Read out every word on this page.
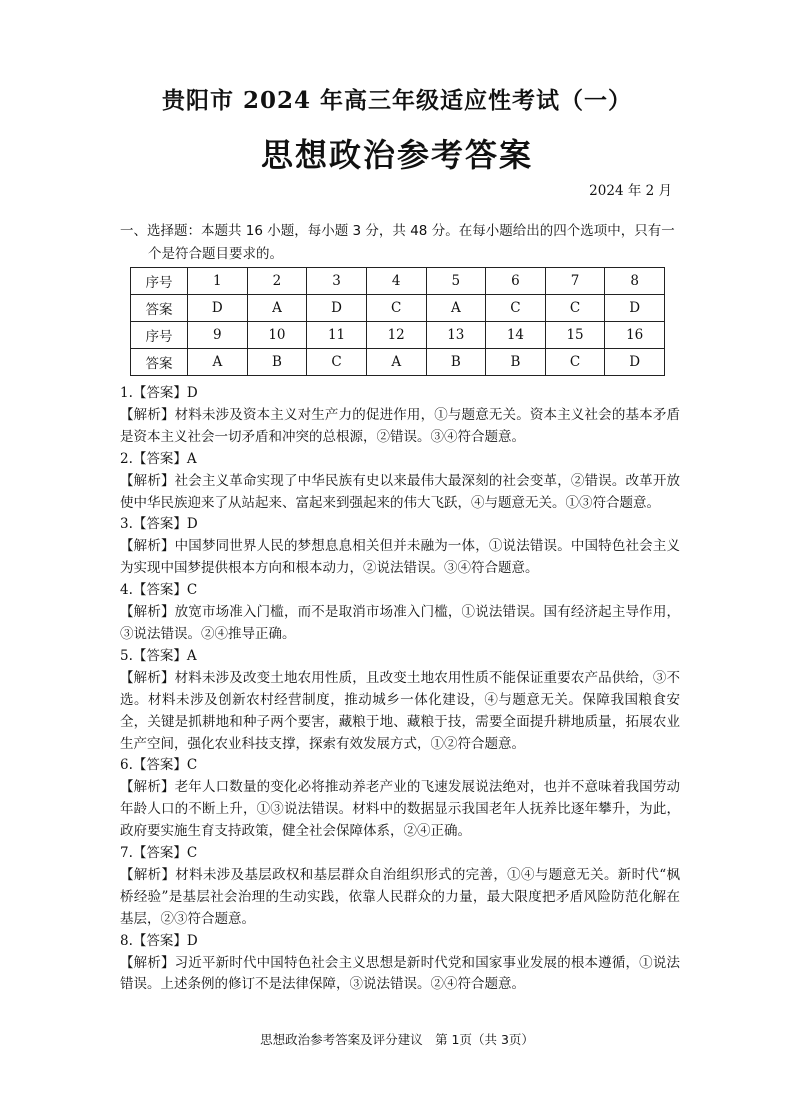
贵阳市 2024 年高三年级适应性考试（一）
思想政治参考答案
2024 年 2 月
一、选择题：本题共 16 小题，每小题 3 分，共 48 分。在每小题给出的四个选项中，只有一
个是符合题目要求的。
序号	1	2	3	4	5	6	7	8
答案	D	A	D	C	A	C	C	D
序号	9	10	11	12	13	14	15	16
答案	A	B	C	A	B	B	C	D

1.【答案】D

【解析】材料未涉及资本主义对生产力的促进作用，①与题意无关。资本主义社会的基本矛盾是资本主义社会一切矛盾和冲突的总根源，②错误。③④符合题意。

2.【答案】A

【解析】社会主义革命实现了中华民族有史以来最伟大最深刻的社会变革，②错误。改革开放使中华民族迎来了从站起来、富起来到强起来的伟大飞跃，④与题意无关。①③符合题意。

3.【答案】D

【解析】中国梦同世界人民的梦想息息相关但并未融为一体，①说法错误。中国特色社会主义为实现中国梦提供根本方向和根本动力，②说法错误。③④符合题意。

4.【答案】C

【解析】放宽市场准入门槛，而不是取消市场准入门槛，①说法错误。国有经济起主导作用，③说法错误。②④推导正确。

5.【答案】A

【解析】材料未涉及改变土地农用性质，且改变土地农用性质不能保证重要农产品供给，③不选。材料未涉及创新农村经营制度，推动城乡一体化建设，④与题意无关。保障我国粮食安全，关键是抓耕地和种子两个要害，藏粮于地、藏粮于技，需要全面提升耕地质量，拓展农业生产空间，强化农业科技支撑，探索有效发展方式，①②符合题意。

6.【答案】C

【解析】老年人口数量的变化必将推动养老产业的飞速发展说法绝对，也并不意味着我国劳动年龄人口的不断上升，①③说法错误。材料中的数据显示我国老年人抚养比逐年攀升，为此，政府要实施生育支持政策，健全社会保障体系，②④正确。

7.【答案】C

【解析】材料未涉及基层政权和基层群众自治组织形式的完善，①④与题意无关。新时代“枫桥经验”是基层社会治理的生动实践，依靠人民群众的力量，最大限度把矛盾风险防范化解在基层，②③符合题意。

8.【答案】D

【解析】习近平新时代中国特色社会主义思想是新时代党和国家事业发展的根本遵循，①说法错误。上述条例的修订不是法律保障，③说法错误。②④符合题意。

思想政治参考答案及评分建议　第 1页（共 3页）
